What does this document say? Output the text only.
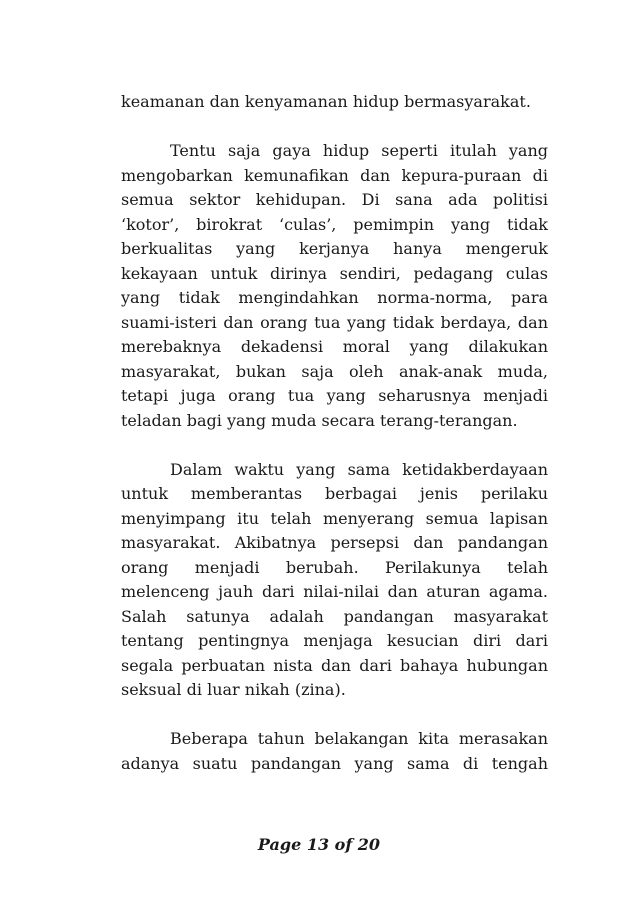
keamanan dan kenyamanan hidup bermasyarakat.

Tentu saja gaya hidup seperti itulah yang mengobarkan kemunafikan dan kepura-puraan di semua sektor kehidupan. Di sana ada politisi ‘kotor’, birokrat ‘culas’, pemimpin yang tidak berkualitas yang kerjanya hanya mengeruk kekayaan untuk dirinya sendiri, pedagang culas yang tidak mengindahkan norma-norma, para suami-isteri dan orang tua yang tidak berdaya, dan merebaknya dekadensi moral yang dilakukan masyarakat, bukan saja oleh anak-anak muda, tetapi juga orang tua yang seharusnya menjadi teladan bagi yang muda secara terang-terangan.

Dalam waktu yang sama ketidakberdayaan untuk memberantas berbagai jenis perilaku menyimpang itu telah menyerang semua lapisan masyarakat. Akibatnya persepsi dan pandangan orang menjadi berubah. Perilakunya telah melenceng jauh dari nilai-nilai dan aturan agama. Salah satunya adalah pandangan masyarakat tentang pentingnya menjaga kesucian diri dari segala perbuatan nista dan dari bahaya hubungan seksual di luar nikah (zina).

Beberapa tahun belakangan kita merasakan adanya suatu pandangan yang sama di tengah

Page 13 of 20
